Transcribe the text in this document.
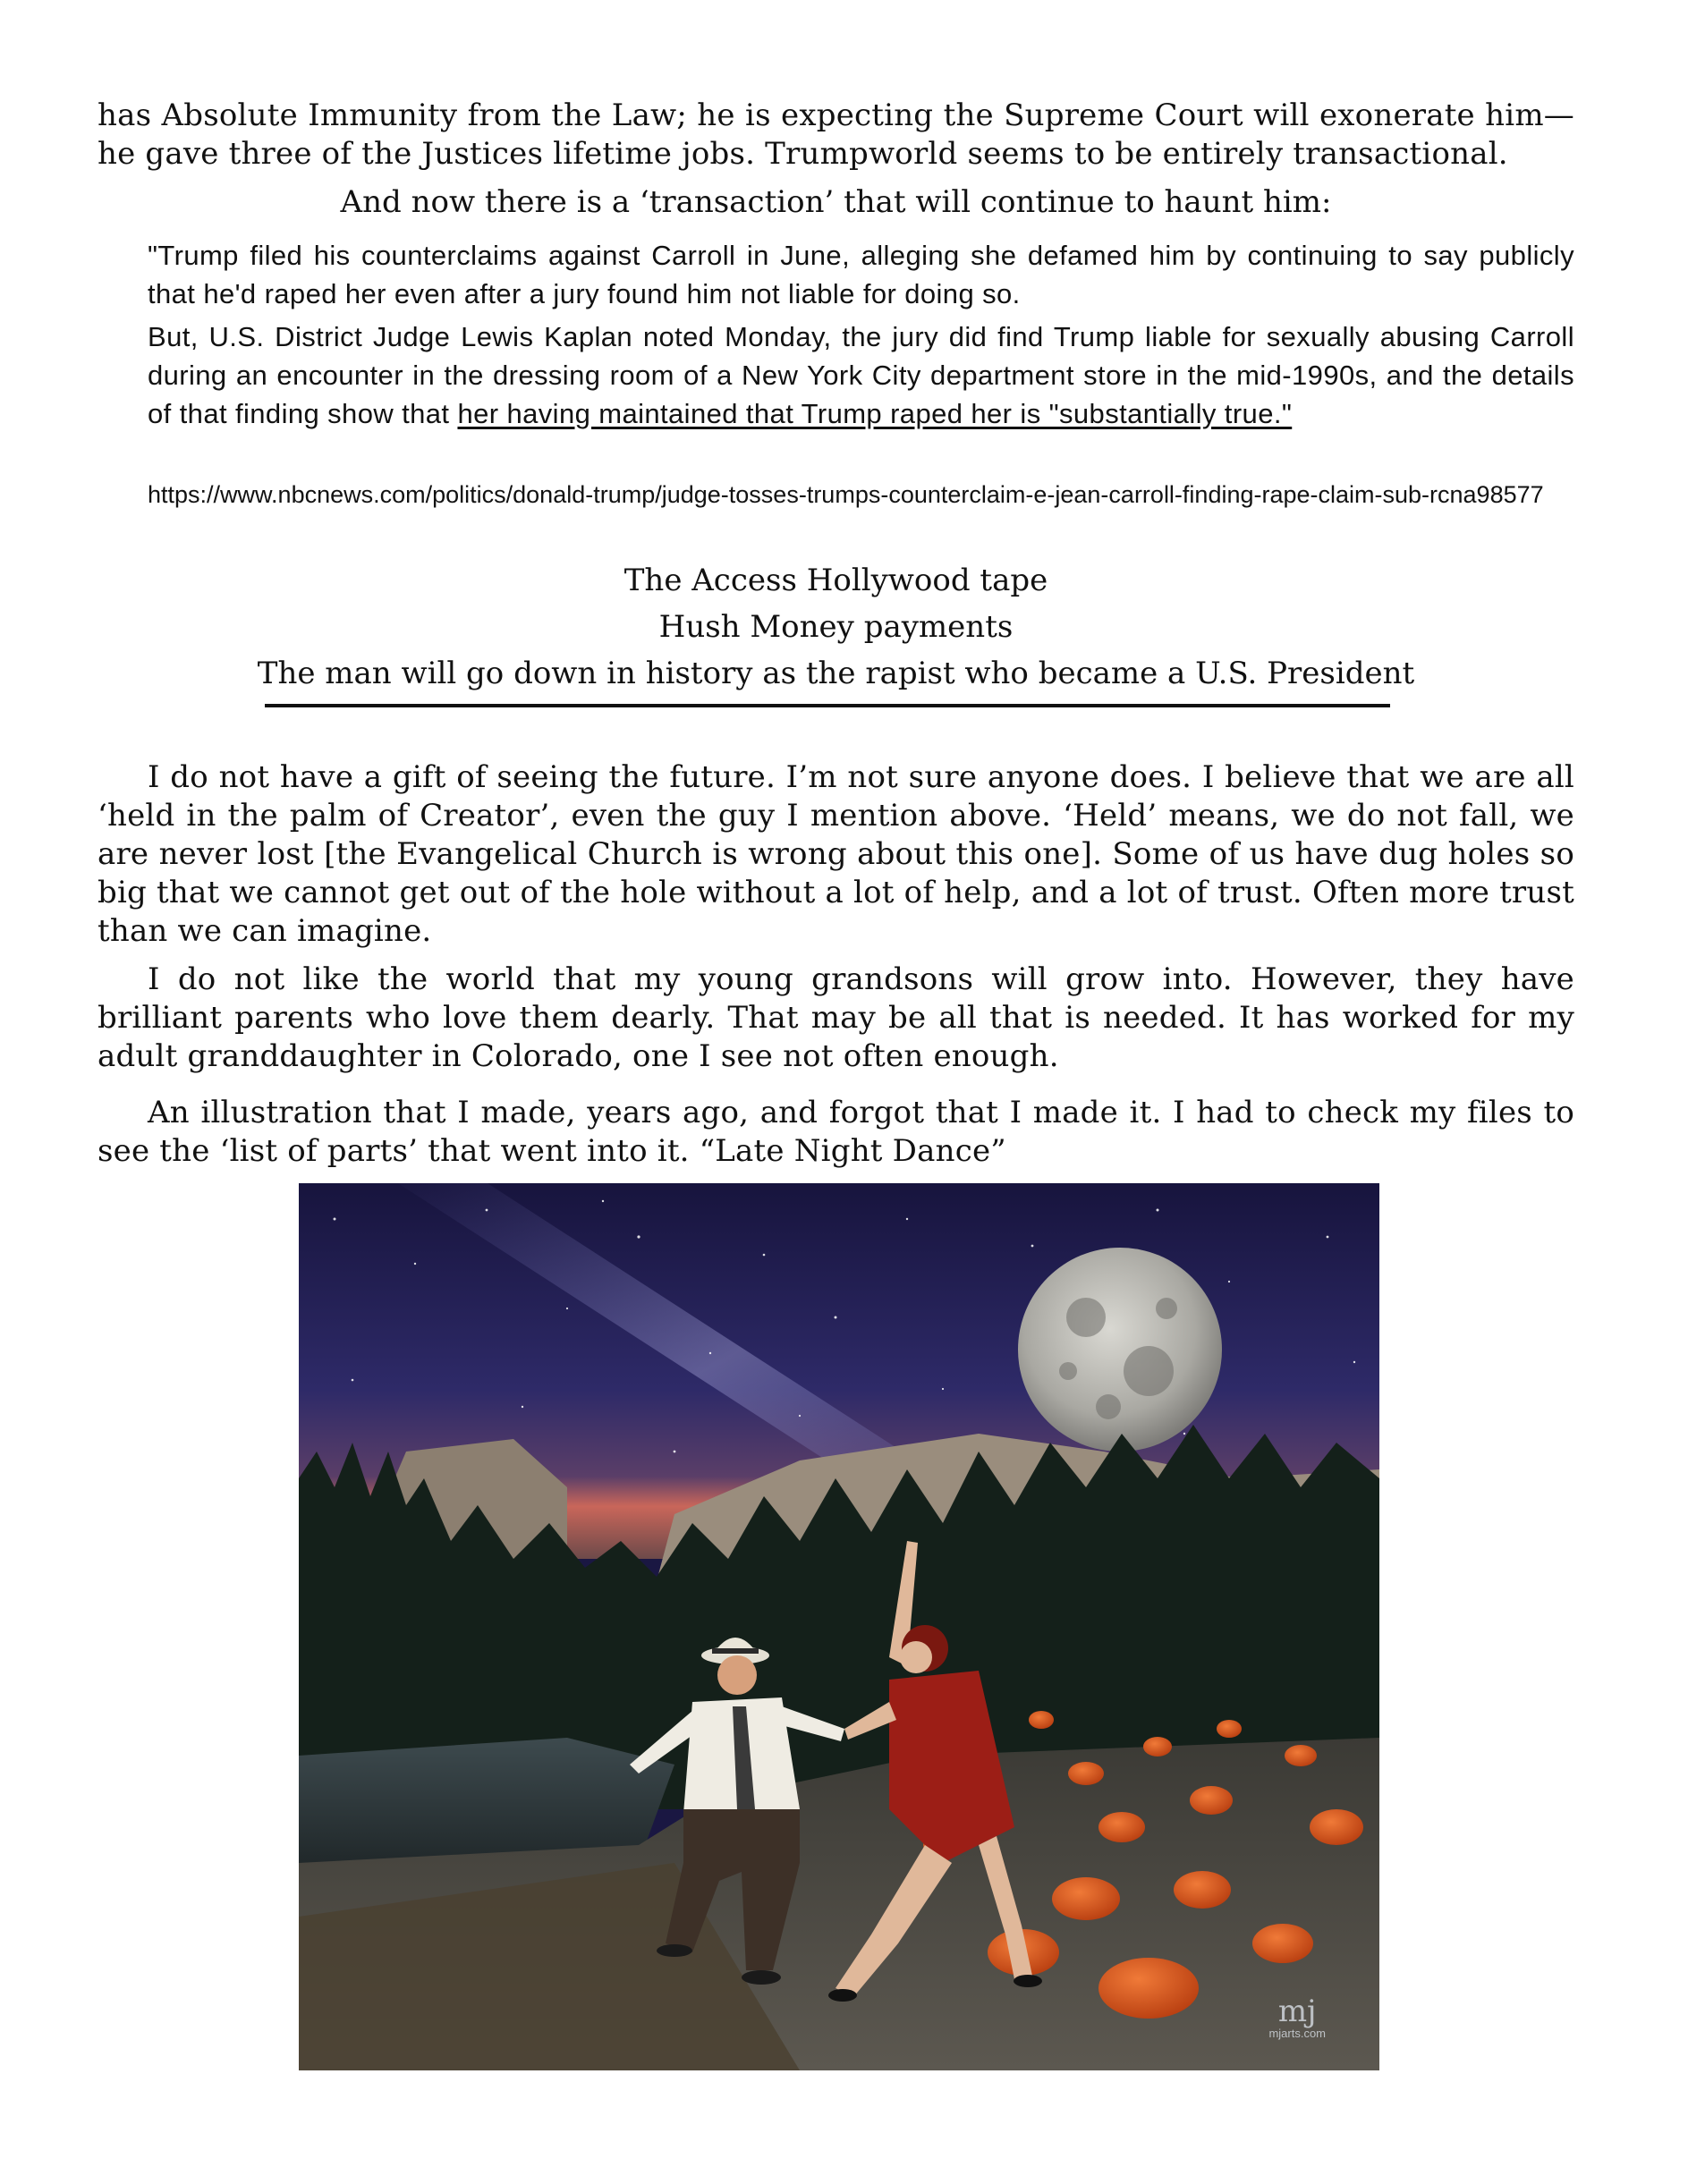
has Absolute Immunity from the Law; he is expecting the Supreme Court will exonerate him—he gave three of the Justices lifetime jobs. Trumpworld seems to be entirely transactional.

And now there is a ‘transaction’ that will continue to haunt him:

"Trump filed his counterclaims against Carroll in June, alleging she defamed him by continuing to say publicly that he'd raped her even after a jury found him not liable for doing so.

But, U.S. District Judge Lewis Kaplan noted Monday, the jury did find Trump liable for sexually abusing Carroll during an encounter in the dressing room of a New York City department store in the mid-1990s, and the details of that finding show that her having maintained that Trump raped her is "substantially true."

https://www.nbcnews.com/politics/donald-trump/judge-tosses-trumps-counterclaim-e-jean-carroll-finding-rape-claim-sub-rcna98577
The Access Hollywood tape
Hush Money payments
The man will go down in history as the rapist who became a U.S. President

I do not have a gift of seeing the future. I’m not sure anyone does. I believe that we are all ‘held in the palm of Creator’, even the guy I mention above. ‘Held’ means, we do not fall, we are never lost [the Evangelical Church is wrong about this one]. Some of us have dug holes so big that we cannot get out of the hole without a lot of help, and a lot of trust. Often more trust than we can imagine.

I do not like the world that my young grandsons will grow into. However, they have brilliant parents who love them dearly. That may be all that is needed. It has worked for my adult granddaughter in Colorado, one I see not often enough.

An illustration that I made, years ago, and forgot that I made it. I had to check my files to see the ‘list of parts’ that went into it. “Late Night Dance”

mj
mjarts.com
